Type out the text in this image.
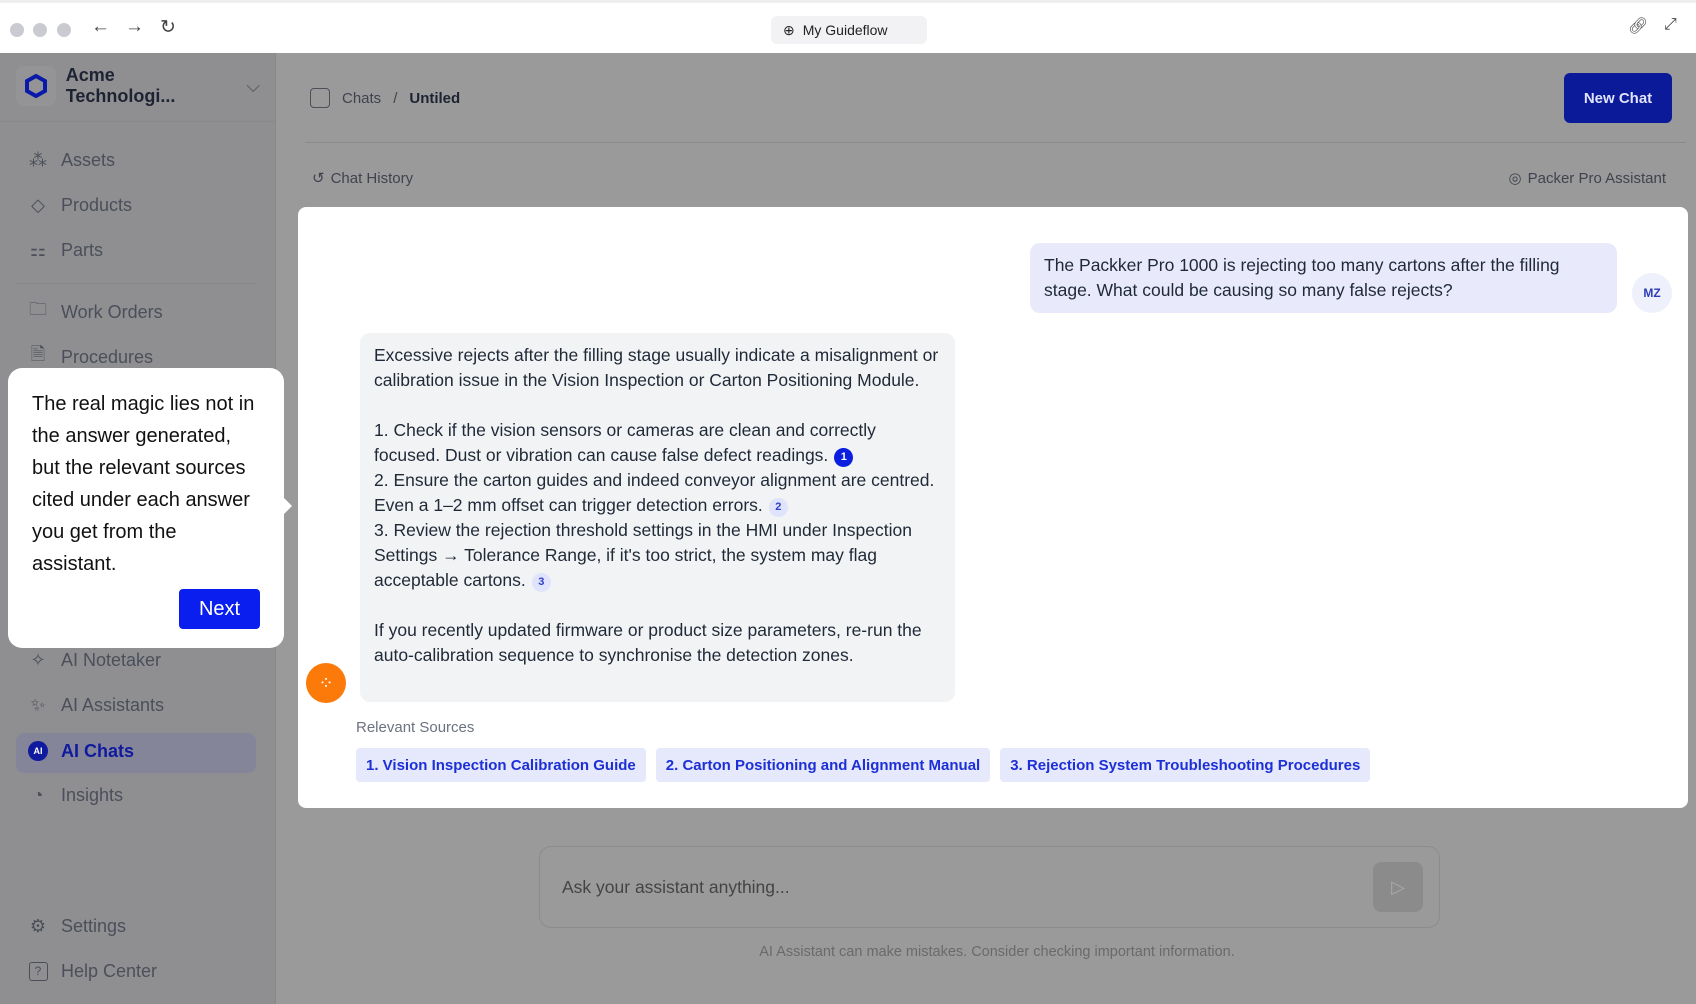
← → ↻	⊕ My Guideflow	🔗︎ ⤢
Acme Technologi...
⌵
⁂ Assets
◇ Products
⚏ Parts
🗀︎ Work Orders
🗎︎ Procedures
✧ AI Notetaker
✨︎ AI Assistants
AI	AI Chats
◔ Insights
⚙ Settings
?	Help Center
Chats / Untiled	New Chat
↺ Chat History	◎ Packer Pro Assistant
The Packker Pro 1000 is rejecting too many cartons after the filling stage. What could be causing so many false rejects?	MZ

Excessive rejects after the filling stage usually indicate a misalignment or calibration issue in the Vision Inspection or Carton Positioning Module.

1. Check if the vision sensors or cameras are clean and correctly focused. Dust or vibration can cause false defect readings. 1
2. Ensure the carton guides and indeed conveyor alignment are centred. Even a 1–2 mm offset can trigger detection errors. 2

3. Review the rejection threshold settings in the HMI under Inspection Settings → Tolerance Range, if it's too strict, the system may flag acceptable cartons. 3

If you recently updated firmware or product size parameters, re-run the auto-calibration sequence to synchronise the detection zones.

⁘
Relevant Sources
1. Vision Inspection Calibration Guide	2. Carton Positioning and Alignment Manual	3. Rejection System Troubleshooting Procedures
Ask your assistant anything...	▷
AI Assistant can make mistakes. Consider checking important information.
The real magic lies not in the answer generated, but the relevant sources cited under each answer you get from the assistant.
Next
